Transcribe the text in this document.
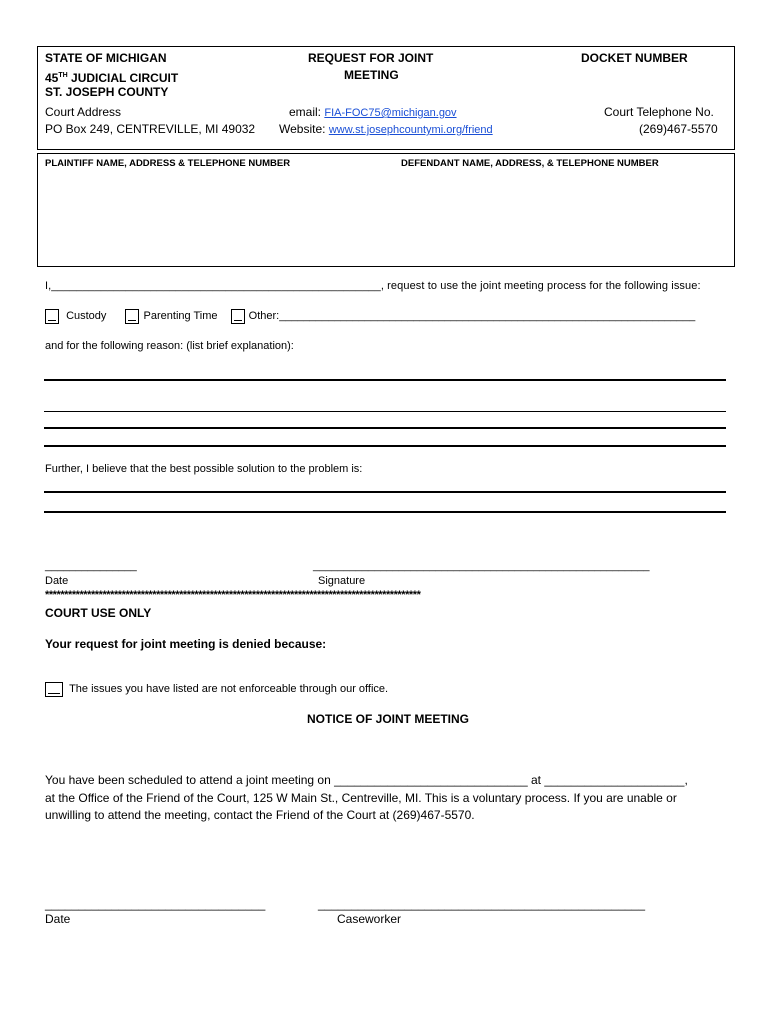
STATE OF MICHIGAN
45TH JUDICIAL CIRCUIT
ST. JOSEPH COUNTY
REQUEST FOR JOINT
MEETING
DOCKET NUMBER
Court Address
PO Box 249, CENTREVILLE, MI 49032
email: FIA-FOC75@michigan.gov
Website: www.st.josephcountymi.org/friend
Court Telephone No.
(269)467-5570
PLAINTIFF NAME, ADDRESS & TELEPHONE NUMBER	DEFENDANT NAME, ADDRESS, & TELEPHONE NUMBER
I,_____________________________________________________, request to use the joint meeting process for the following issue:
Custody	Parenting Time	Other:____________________________________________________________________
and for the following reason: (list brief explanation):
Further, I believe that the best possible solution to the problem is:
_______________	_______________________________________________________
Date	Signature
**************************************************************************************************
COURT USE ONLY
Your request for joint meeting is denied because:
The issues you have listed are not enforceable through our office.
NOTICE OF JOINT MEETING
You have been scheduled to attend a joint meeting on _____________________________ at _____________________,
at the Office of the Friend of the Court, 125 W Main St., Centreville, MI. This is a voluntary process. If you are unable or
unwilling to attend the meeting, contact the Friend of the Court at (269)467-5570.
_________________________________	_________________________________________________
Date	Caseworker
